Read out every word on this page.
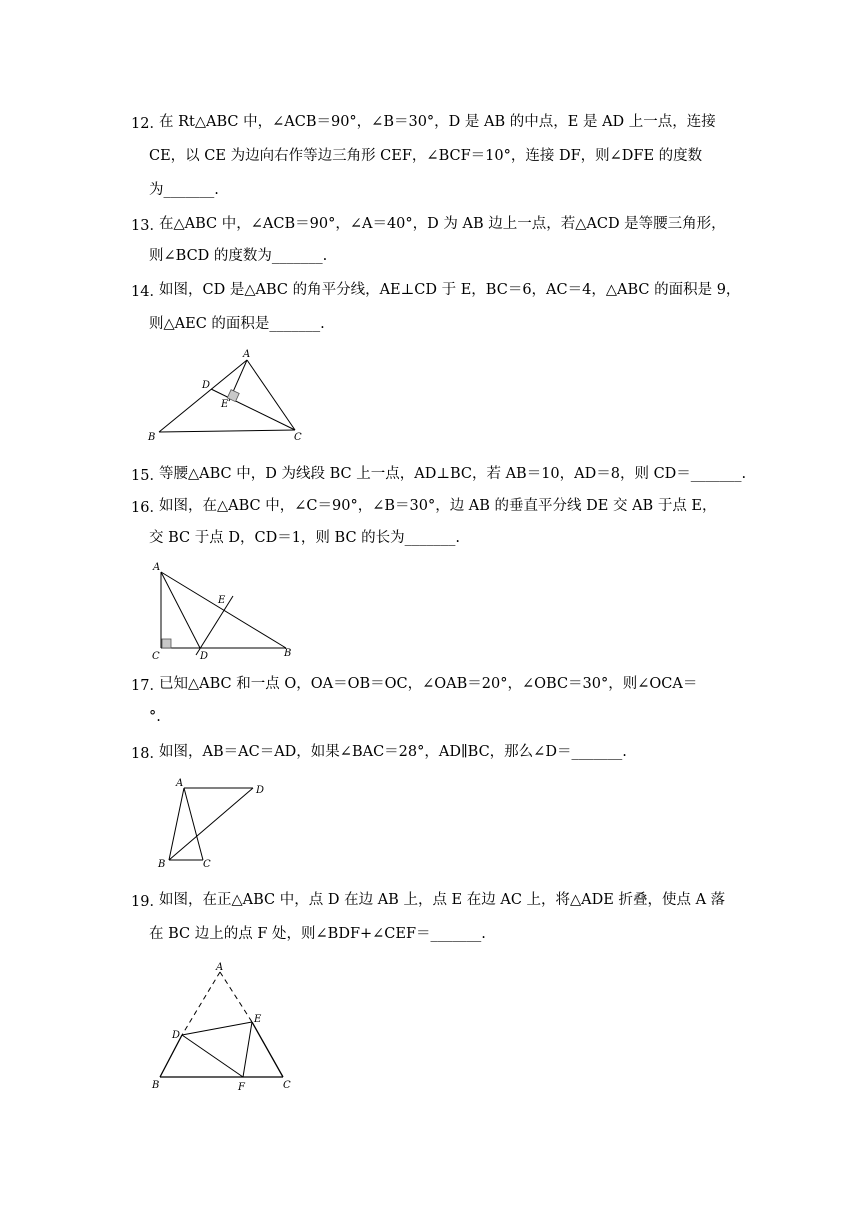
12．
在 Rt△ABC 中，∠ACB＝90°，∠B＝30°，D 是 AB 的中点，E 是 AD 上一点，连接
CE，以 CE 为边向右作等边三角形 CEF，∠BCF＝10°，连接 DF，则∠DFE 的度数
为_______.
13．
在△ABC 中，∠ACB＝90°，∠A＝40°，D 为 AB 边上一点，若△ACD 是等腰三角形，
则∠BCD 的度数为_______.
14．
如图，CD 是△ABC 的角平分线，AE⊥CD 于 E，BC＝6，AC＝4，△ABC 的面积是 9，
则△AEC 的面积是_______.
A
D
E
B	C
15．
等腰△ABC 中，D 为线段 BC 上一点，AD⊥BC，若 AB＝10，AD＝8，则 CD＝_______.
16．
如图，在△ABC 中，∠C＝90°，∠B＝30°，边 AB 的垂直平分线 DE 交 AB 于点 E，
交 BC 于点 D，CD＝1，则 BC 的长为_______.
A
E
C	D	B
17．
已知△ABC 和一点 O，OA＝OB＝OC，∠OAB＝20°，∠OBC＝30°，则∠OCA＝
°.
18．
如图，AB＝AC＝AD，如果∠BAC＝28°，AD∥BC，那么∠D＝_______.
A
D
B	C
19．
如图，在正△ABC 中，点 D 在边 AB 上，点 E 在边 AC 上，将△ADE 折叠，使点 A 落
在 BC 边上的点 F 处，则∠BDF+∠CEF＝_______.
A
E
D
B	F	C
